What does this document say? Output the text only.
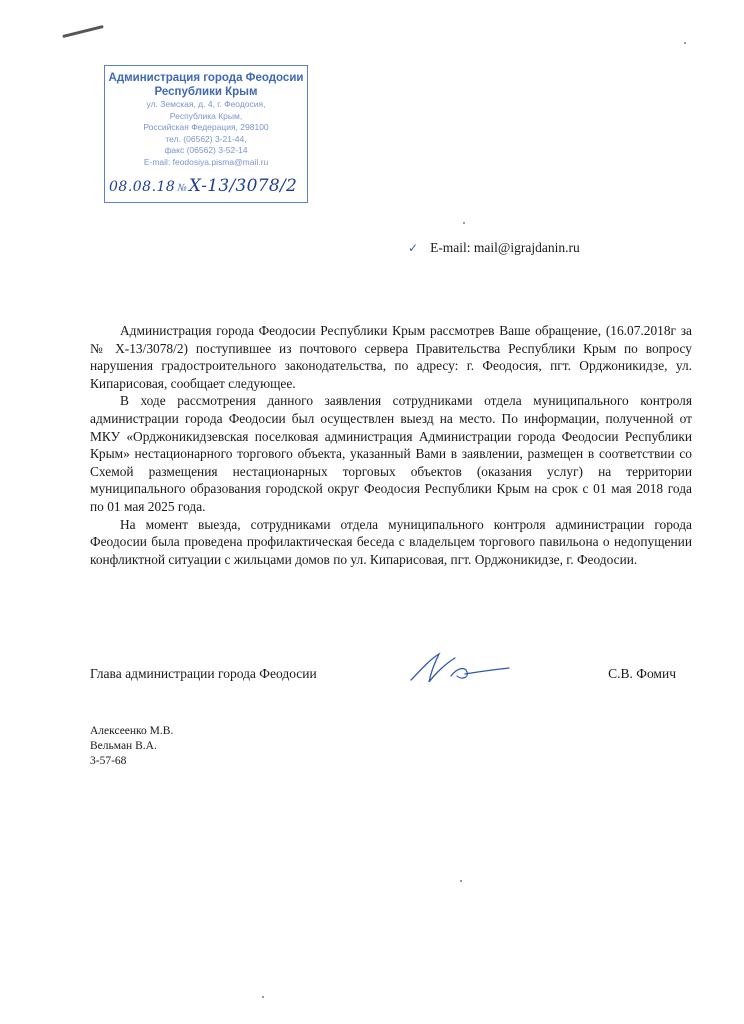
Администрация города Феодосии
Республики Крым
ул. Земская, д. 4, г. Феодосия,
Республика Крым,
Российская Федерация, 298100
тел. (06562) 3-21-44,
факс (06562) 3-52-14
E-mail: feodosiya.pisma@mail.ru
08.08.18 № Х-13/3078/2
✓ E-mail: mail@igrajdanin.ru

Администрация города Феодосии Республики Крым рассмотрев Ваше обращение, (16.07.2018г за № Х-13/3078/2) поступившее из почтового сервера Правительства Республики Крым по вопросу нарушения градостроительного законодательства, по адресу: г. Феодосия, пгт. Орджоникидзе, ул. Кипарисовая, сообщает следующее.

В ходе рассмотрения данного заявления сотрудниками отдела муниципального контроля администрации города Феодосии был осуществлен выезд на место. По информации, полученной от МКУ «Орджоникидзевская поселковая администрация Администрации города Феодосии Республики Крым» нестационарного торгового объекта, указанный Вами в заявлении, размещен в соответствии со Схемой размещения нестационарных торговых объектов (оказания услуг) на территории муниципального образования городской округ Феодосия Республики Крым на срок с 01 мая 2018 года по 01 мая 2025 года.

На момент выезда, сотрудниками отдела муниципального контроля администрации города Феодосии была проведена профилактическая беседа с владельцем торгового павильона о недопущении конфликтной ситуации с жильцами домов по ул. Кипарисовая, пгт. Орджоникидзе, г. Феодосии.

Глава администрации города Феодосии	С.В. Фомич
Алексеенко М.В.
Вельман В.А.
3-57-68
